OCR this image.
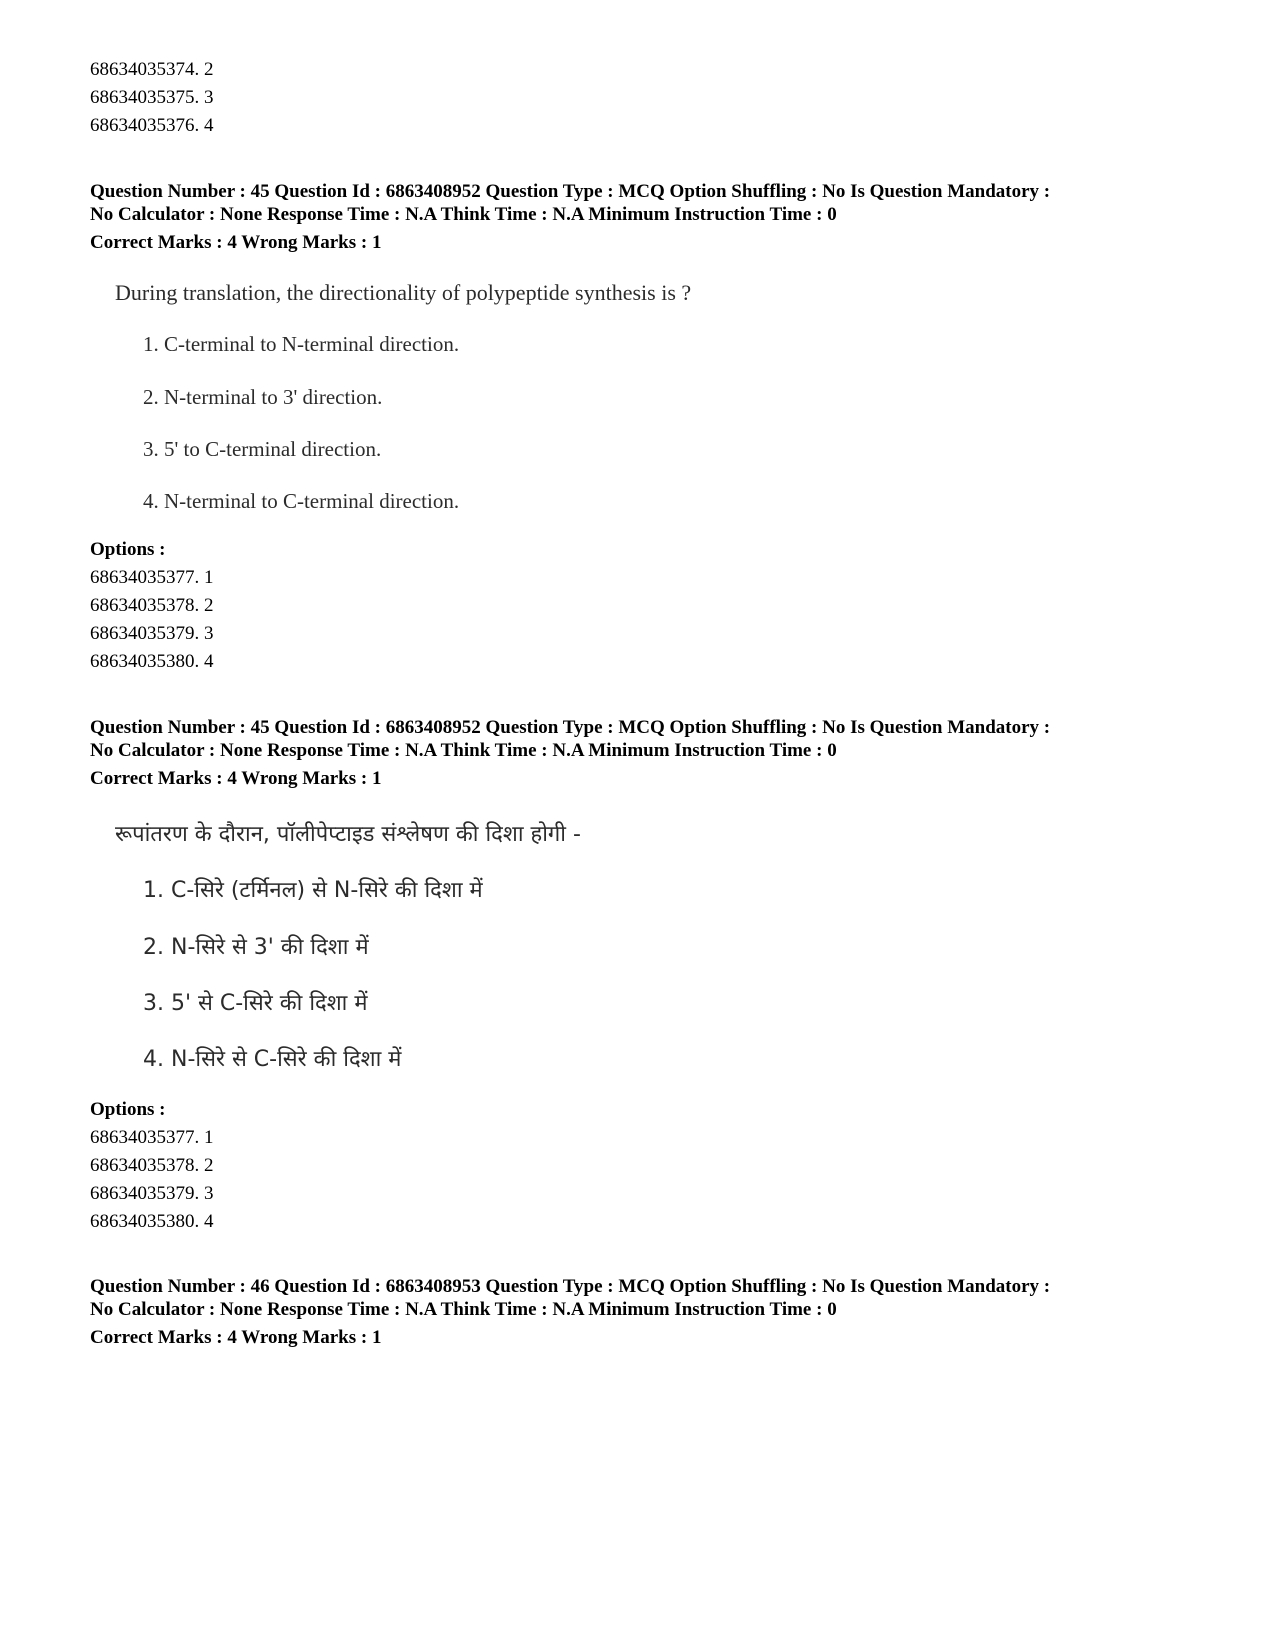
68634035374. 2
68634035375. 3
68634035376. 4
Question Number : 45 Question Id : 6863408952 Question Type : MCQ Option Shuffling : No Is Question Mandatory :
No Calculator : None Response Time : N.A Think Time : N.A Minimum Instruction Time : 0
Correct Marks : 4 Wrong Marks : 1
During translation, the directionality of polypeptide synthesis is ?
1. C-terminal to N-terminal direction.
2. N-terminal to 3' direction.
3. 5' to C-terminal direction.
4. N-terminal to C-terminal direction.
Options :
68634035377. 1
68634035378. 2
68634035379. 3
68634035380. 4
Question Number : 45 Question Id : 6863408952 Question Type : MCQ Option Shuffling : No Is Question Mandatory :
No Calculator : None Response Time : N.A Think Time : N.A Minimum Instruction Time : 0
Correct Marks : 4 Wrong Marks : 1
रूपांतरण के दौरान, पॉलीपेप्टाइड संश्लेषण की दिशा होगी -
1. C-सिरे (टर्मिनल) से N-सिरे की दिशा में
2. N-सिरे से 3' की दिशा में
3. 5' से C-सिरे की दिशा में
4. N-सिरे से C-सिरे की दिशा में
Options :
68634035377. 1
68634035378. 2
68634035379. 3
68634035380. 4
Question Number : 46 Question Id : 6863408953 Question Type : MCQ Option Shuffling : No Is Question Mandatory :
No Calculator : None Response Time : N.A Think Time : N.A Minimum Instruction Time : 0
Correct Marks : 4 Wrong Marks : 1
